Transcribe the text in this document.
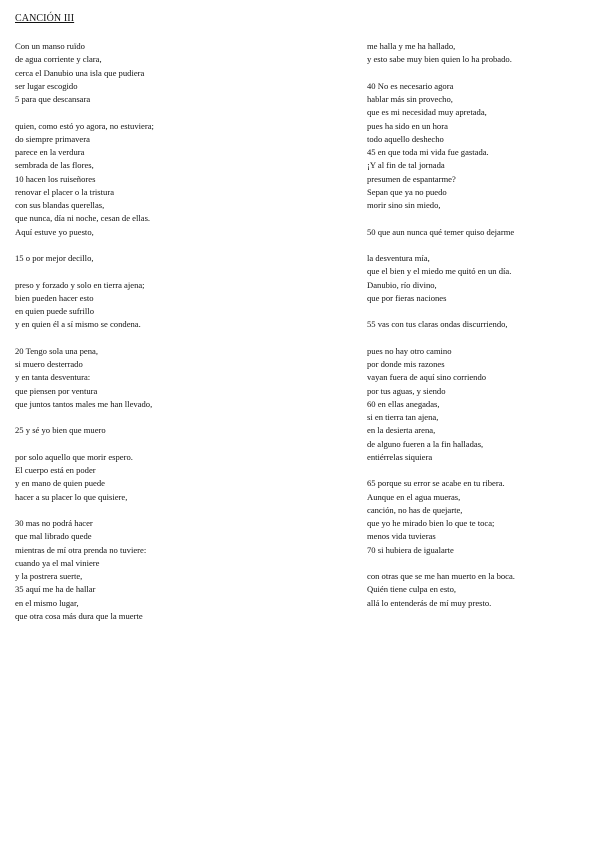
CANCIÓN III
Con un manso ruïdo
de agua corriente y clara,
cerca el Danubio una isla que pudiera
ser lugar escogido
5 para que descansara
quien, como estó yo agora, no estuviera;
do siempre primavera
parece en la verdura
sembrada de las flores,
10 hacen los ruiseñores
renovar el placer o la tristura
con sus blandas querellas,
que nunca, día ni noche, cesan de ellas.
Aquí estuve yo puesto,
15 o por mejor decillo,
preso y forzado y solo en tierra ajena;
bien pueden hacer esto
en quien puede sufrillo
y en quien él a sí mismo se condena.
20 Tengo sola una pena,
si muero desterrado
y en tanta desventura:
que piensen por ventura
que juntos tantos males me han llevado,
25 y sé yo bien que muero
por solo aquello que morir espero.
El cuerpo está en poder
y en mano de quien puede
hacer a su placer lo que quisiere,
30 mas no podrá hacer
que mal librado quede
mientras de mí otra prenda no tuviere:
cuando ya el mal viniere
y la postrera suerte,
35 aquí me ha de hallar
en el mismo lugar,
que otra cosa más dura que la muerte
me halla y me ha hallado,
y esto sabe muy bien quien lo ha probado.
40 No es necesario agora
hablar más sin provecho,
que es mi necesidad muy apretada,
pues ha sido en un hora
todo aquello deshecho
45 en que toda mi vida fue gastada.
¡Y al fin de tal jornada
presumen de espantarme?
Sepan que ya no puedo
morir sino sin miedo,
50 que aun nunca qué temer quiso dejarme
la desventura mía,
que el bien y el miedo me quitó en un día.
Danubio, río divino,
que por fieras naciones
55 vas con tus claras ondas discurriendo,
pues no hay otro camino
por donde mis razones
vayan fuera de aquí sino corriendo
por tus aguas, y siendo
60 en ellas anegadas,
si en tierra tan ajena,
en la desierta arena,
de alguno fueren a la fin halladas,
entiérrelas siquiera
65 porque su error se acabe en tu ribera.
Aunque en el agua mueras,
canción, no has de quejarte,
que yo he mirado bien lo que te toca;
menos vida tuvieras
70 si hubiera de igualarte
con otras que se me han muerto en la boca.
Quién tiene culpa en esto,
allá lo entenderás de mí muy presto.
